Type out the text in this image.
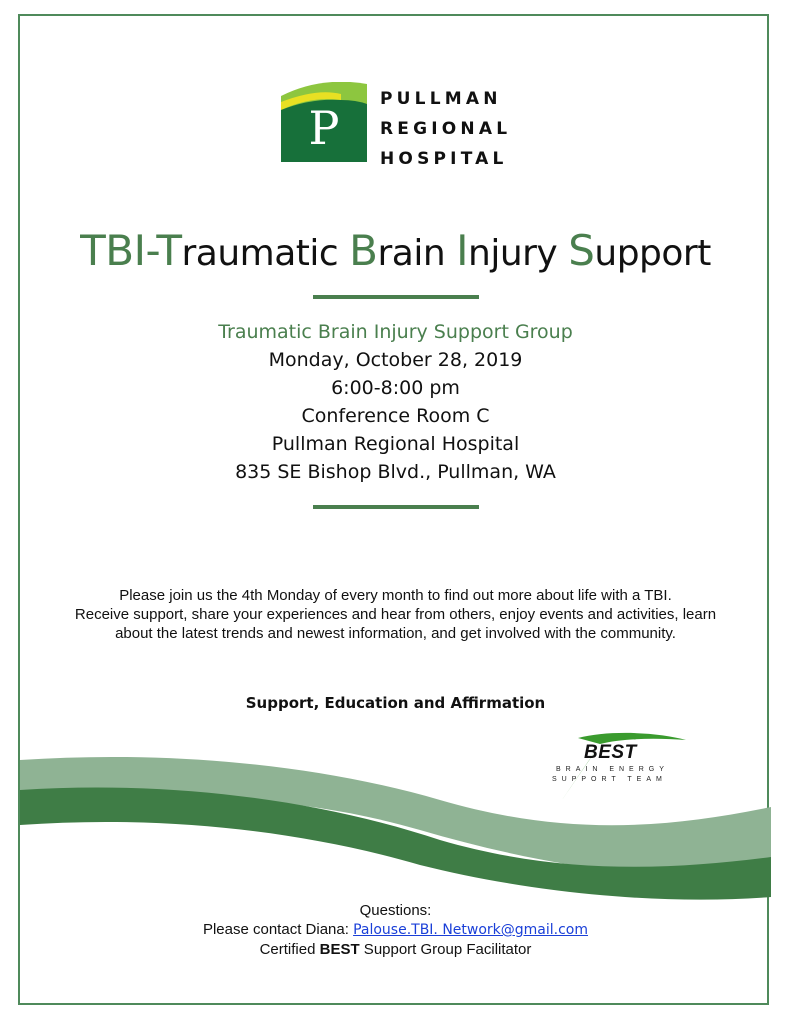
P
PULLMAN
REGIONAL
HOSPITAL
TBI-Traumatic Brain Injury Support
Traumatic Brain Injury Support Group
Monday, October 28, 2019
6:00-8:00 pm
Conference Room C
Pullman Regional Hospital
835 SE Bishop Blvd., Pullman, WA
Please join us the 4th Monday of every month to find out more about life with a TBI.
Receive support, share your experiences and hear from others, enjoy events and activities, learn
about the latest trends and newest information, and get involved with the community.
Support, Education and Affirmation
BEST
BRAIN ENERGY
SUPPORT TEAM
Questions:
Please contact Diana: Palouse.TBI. Network@gmail.com
Certified BEST Support Group Facilitator
